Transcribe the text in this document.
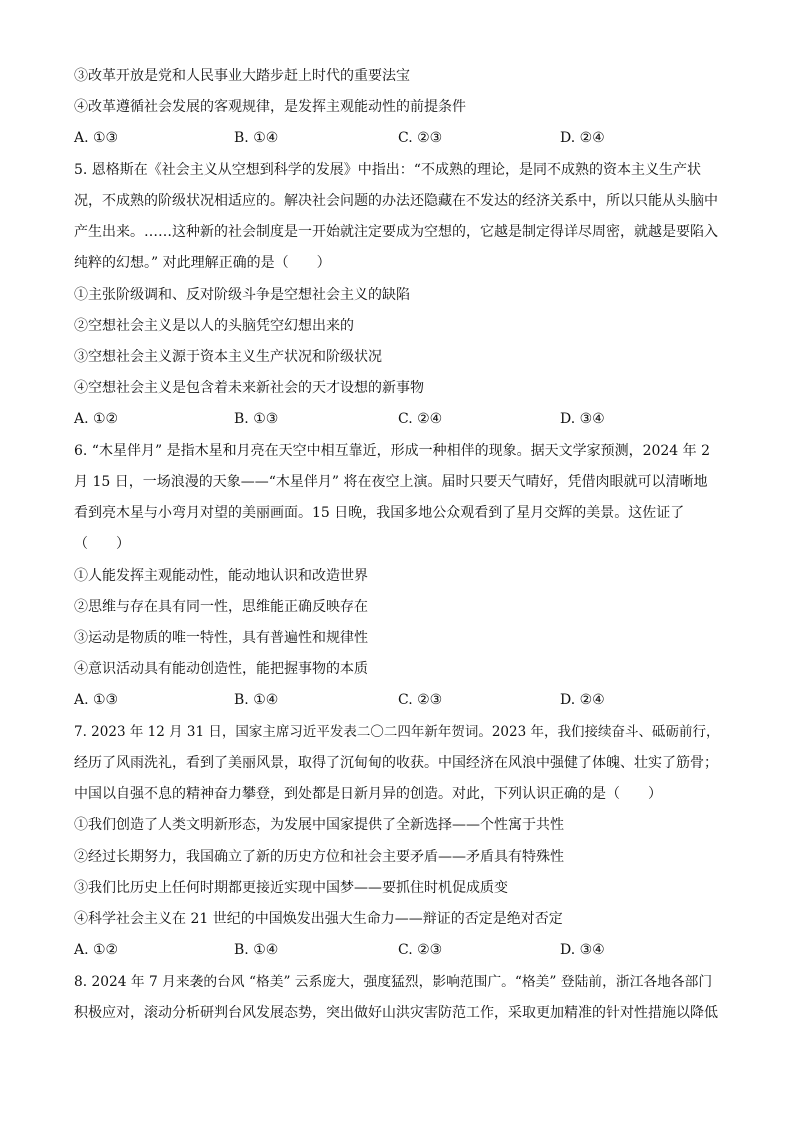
③改革开放是党和人民事业大踏步赶上时代的重要法宝
④改革遵循社会发展的客观规律，是发挥主观能动性的前提条件
A. ①③	B. ①④	C. ②③	D. ②④
5. 恩格斯在《社会主义从空想到科学的发展》中指出：“不成熟的理论，是同不成熟的资本主义生产状
况，不成熟的阶级状况相适应的。解决社会问题的办法还隐藏在不发达的经济关系中，所以只能从头脑中
产生出来。……这种新的社会制度是一开始就注定要成为空想的，它越是制定得详尽周密，就越是要陷入
纯粹的幻想。” 对此理解正确的是（　　）
①主张阶级调和、反对阶级斗争是空想社会主义的缺陷
②空想社会主义是以人的头脑凭空幻想出来的
③空想社会主义源于资本主义生产状况和阶级状况
④空想社会主义是包含着未来新社会的天才设想的新事物
A. ①②	B. ①③	C. ②④	D. ③④
6. “木星伴月” 是指木星和月亮在天空中相互靠近，形成一种相伴的现象。据天文学家预测，2024 年 2
月 15 日，一场浪漫的天象——“木星伴月” 将在夜空上演。届时只要天气晴好，凭借肉眼就可以清晰地
看到亮木星与小弯月对望的美丽画面。15 日晚，我国多地公众观看到了星月交辉的美景。这佐证了
（　　）
①人能发挥主观能动性，能动地认识和改造世界
②思维与存在具有同一性，思维能正确反映存在
③运动是物质的唯一特性，具有普遍性和规律性
④意识活动具有能动创造性，能把握事物的本质
A. ①③	B. ①④	C. ②③	D. ②④
7. 2023 年 12 月 31 日，国家主席习近平发表二〇二四年新年贺词。2023 年，我们接续奋斗、砥砺前行，
经历了风雨洗礼，看到了美丽风景，取得了沉甸甸的收获。中国经济在风浪中强健了体魄、壮实了筋骨；
中国以自强不息的精神奋力攀登，到处都是日新月异的创造。对此，下列认识正确的是（　　）
①我们创造了人类文明新形态，为发展中国家提供了全新选择——个性寓于共性
②经过长期努力，我国确立了新的历史方位和社会主要矛盾——矛盾具有特殊性
③我们比历史上任何时期都更接近实现中国梦——要抓住时机促成质变
④科学社会主义在 21 世纪的中国焕发出强大生命力——辩证的否定是绝对否定
A. ①②	B. ①④	C. ②③	D. ③④
8. 2024 年 7 月来袭的台风 “格美” 云系庞大，强度猛烈，影响范围广。“格美” 登陆前，浙江各地各部门
积极应对，滚动分析研判台风发展态势，突出做好山洪灾害防范工作，采取更加精准的针对性措施以降低
